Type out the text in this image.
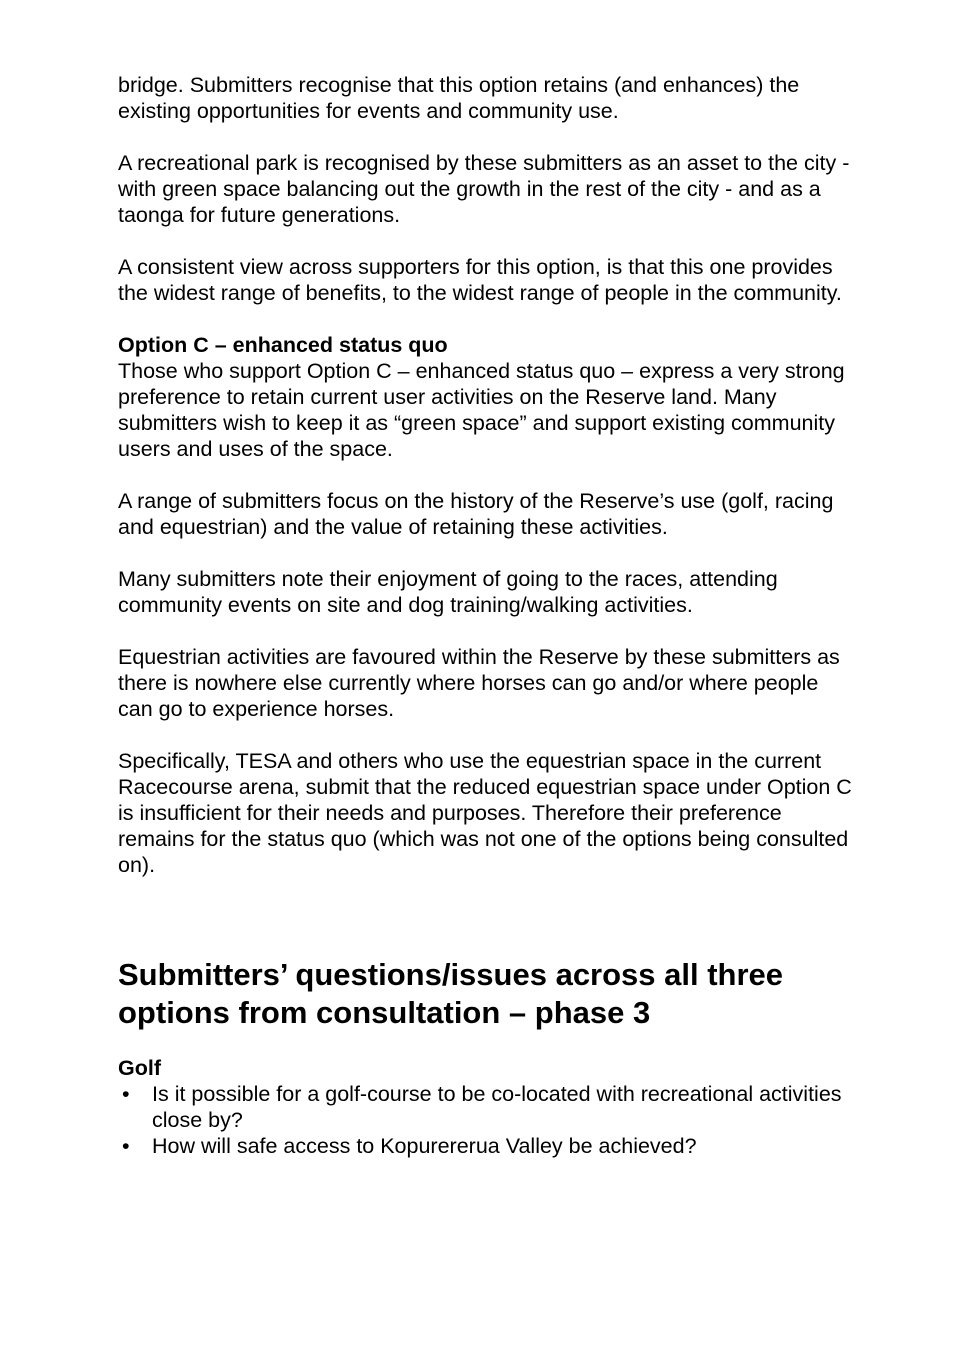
bridge. Submitters recognise that this option retains (and enhances) the existing opportunities for events and community use.

A recreational park is recognised by these submitters as an asset to the city - with green space balancing out the growth in the rest of the city - and as a taonga for future generations.

A consistent view across supporters for this option, is that this one provides the widest range of benefits, to the widest range of people in the community.

Option C – enhanced status quo

Those who support Option C – enhanced status quo – express a very strong preference to retain current user activities on the Reserve land. Many submitters wish to keep it as “green space” and support existing community users and uses of the space.

A range of submitters focus on the history of the Reserve’s use (golf, racing and equestrian) and the value of retaining these activities.

Many submitters note their enjoyment of going to the races, attending community events on site and dog training/walking activities.

Equestrian activities are favoured within the Reserve by these submitters as there is nowhere else currently where horses can go and/or where people can go to experience horses.

Specifically, TESA and others who use the equestrian space in the current Racecourse arena, submit that the reduced equestrian space under Option C is insufficient for their needs and purposes. Therefore their preference remains for the status quo (which was not one of the options being consulted on).

Submitters’ questions/issues across all three options from consultation – phase 3

Golf

• Is it possible for a golf-course to be co-located with recreational activities close by?
• How will safe access to Kopurererua Valley be achieved?
